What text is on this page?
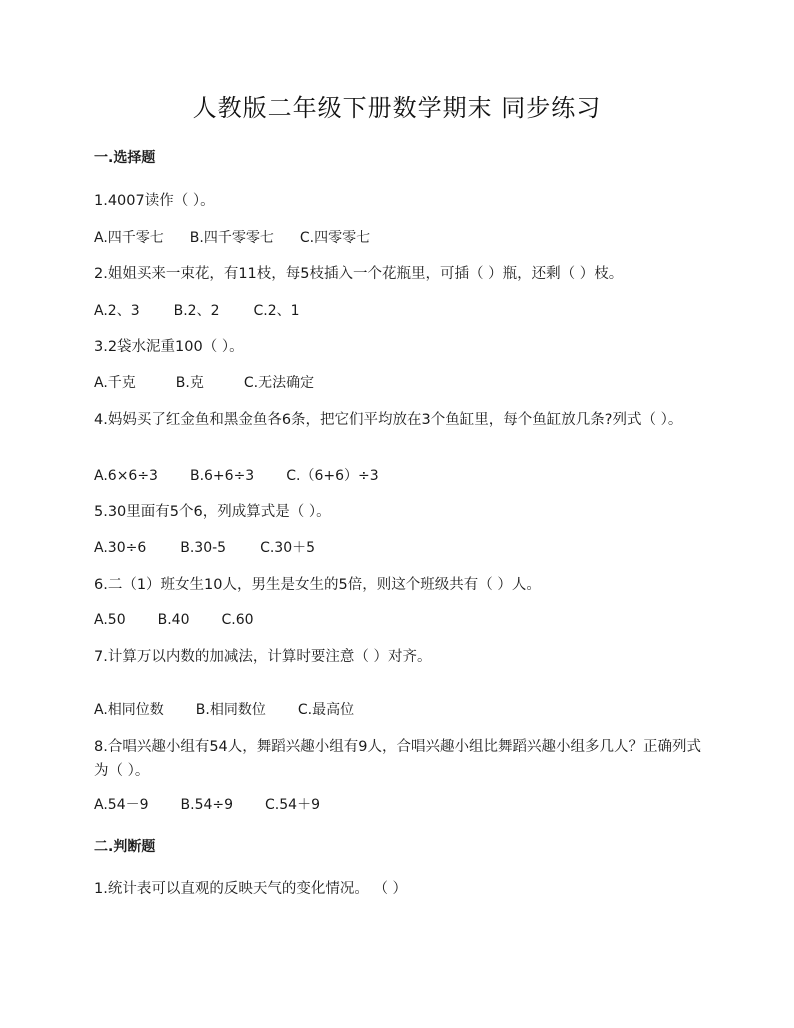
人教版二年级下册数学期末 同步练习
一.选择题
1.4007读作（ ）。
A.四千零七 B.四千零零七 C.四零零七
2.姐姐买来一束花，有11枝，每5枝插入一个花瓶里，可插（ ）瓶，还剩（ ）枝。
A.2、3 B.2、2 C.2、1
3.2袋水泥重100（ ）。
A.千克	B.克	C.无法确定
4.妈妈买了红金鱼和黑金鱼各6条，把它们平均放在3个鱼缸里，每个鱼缸放几条?列式（ ）。
A.6×6÷3 B.6+6÷3 C.（6+6）÷3
5.30里面有5个6，列成算式是（ ）。
A.30÷6 B.30-5 C.30＋5
6.二（1）班女生10人，男生是女生的5倍，则这个班级共有（ ）人。
A.50 B.40 C.60
7.计算万以内数的加减法，计算时要注意（ ）对齐。
A.相同位数 B.相同数位 C.最高位
8.合唱兴趣小组有54人，舞蹈兴趣小组有9人，合唱兴趣小组比舞蹈兴趣小组多几人？正确列式为（ ）。
A.54－9 B.54÷9 C.54＋9
二.判断题
1.统计表可以直观的反映天气的变化情况。 （ ）
